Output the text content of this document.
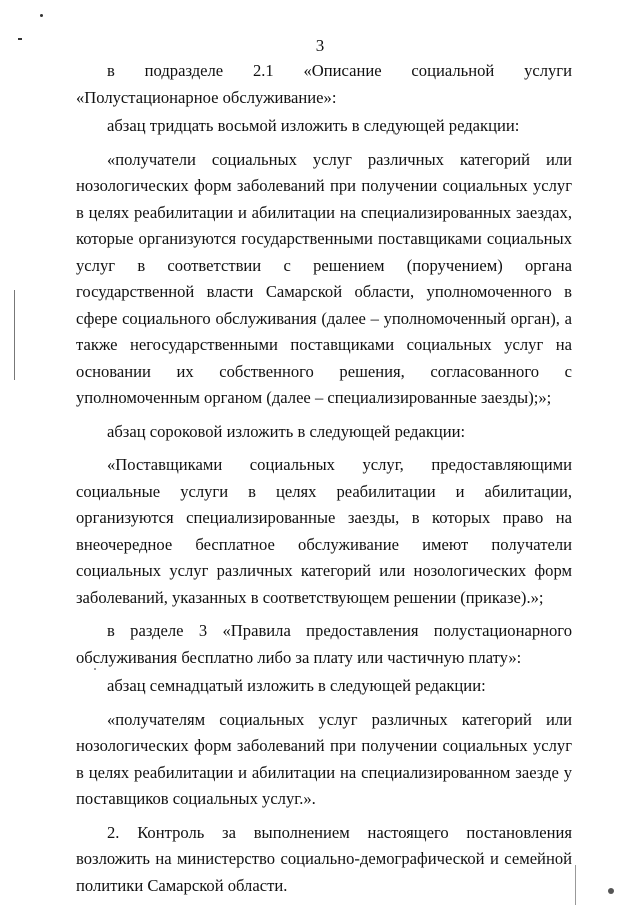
3

в подразделе 2.1 «Описание социальной услуги «Полустационарное обслуживание»:

абзац тридцать восьмой изложить в следующей редакции:

«получатели социальных услуг различных категорий или нозологических форм заболеваний при получении социальных услуг в целях реабилитации и абилитации на специализированных заездах, которые организуются государственными поставщиками социальных услуг в соответствии с решением (поручением) органа государственной власти Самарской области, уполномоченного в сфере социального обслуживания (далее – уполномоченный орган), а также негосударственными поставщиками социальных услуг на основании их собственного решения, согласованного с уполномоченным органом (далее – специализированные заезды);»;

абзац сороковой изложить в следующей редакции:

«Поставщиками социальных услуг, предоставляющими социальные услуги в целях реабилитации и абилитации, организуются специализированные заезды, в которых право на внеочередное бесплатное обслуживание имеют получатели социальных услуг различных категорий или нозологических форм заболеваний, указанных в соответствующем решении (приказе).»;

в разделе 3 «Правила предоставления полустационарного обслуживания бесплатно либо за плату или частичную плату»:

абзац семнадцатый изложить в следующей редакции:

«получателям социальных услуг различных категорий или нозологических форм заболеваний при получении социальных услуг в целях реабилитации и абилитации на специализированном заезде у поставщиков социальных услуг.».

2. Контроль за выполнением настоящего постановления возложить на министерство социально-демографической и семейной политики Самарской области.
